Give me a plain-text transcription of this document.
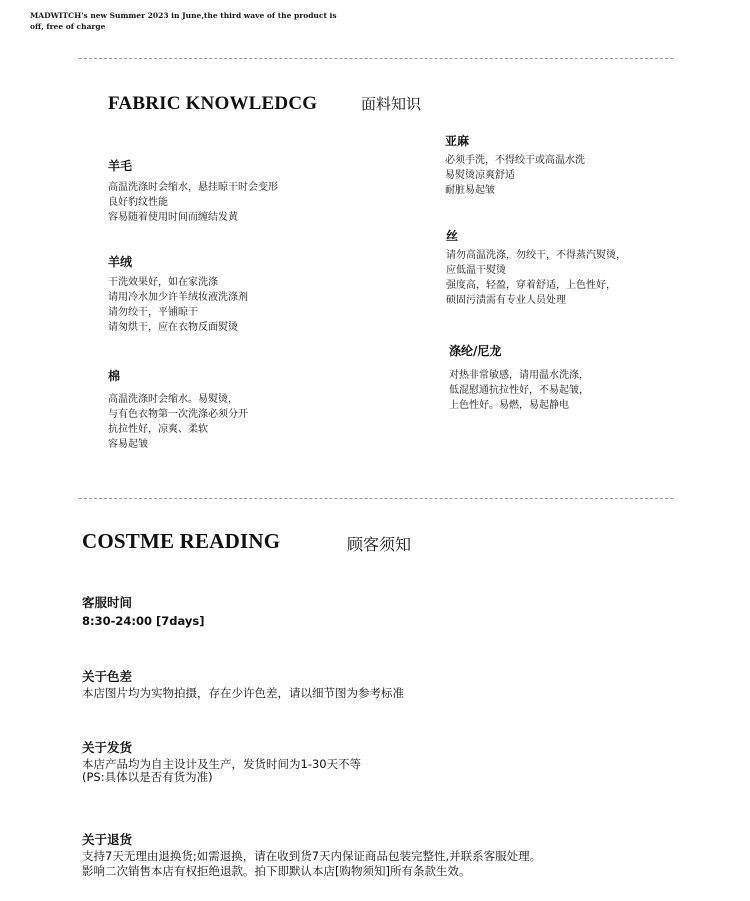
MADWITCH's new Summer 2023 in June,the third wave of the product is off, free of charge
FABRIC KNOWLEDCG	面料知识
羊毛
高温洗涤时会缩水，悬挂晾干时会变形
良好豹纹性能
容易随着使用时间而缠结发黄
羊绒
干洗效果好，如在家洗涤
请用冷水加少许羊绒妆液洗涤剂
请勿绞干，平铺晾干
请匆烘干，应在衣物反面熨烫
棉
高温洗涤时会缩水。易熨烫，
与有色衣物第一次洗涤必须分开
抗拉性好，凉爽、柔软
容易起皱
亚麻
必须手洗，不得绞干或高温水洗
易熨烫凉爽舒适
耐脏易起皱
丝
请勿高温洗涤，勿绞干，不得蒸汽熨烫，
应低温干熨烫
强度高，轻盈，穿着舒适，上色性好，
硕固污渍需有专业人员处理
涤纶/尼龙
对热非常敏感，请用温水洗涤，
低混慰通抗拉性好，不易起皱，
上色性好。易燃，易起静电
COSTME READING	顾客须知
客服时间
8:30-24:00 [7days]
关于色差
本店图片均为实物拍摄，存在少许色差，请以细节图为参考标准
关于发货
本店产品均为自主设计及生产，发货时间为1-30天不等
(PS:具体以是否有货为准)
关于退货
支持7天无理由退换货;如需退换，请在收到货7天内保证商品包装完整性,并联系客服处理。
影响二次销售本店有权拒绝退款。拍下即默认本店[购物须知]所有条款生效。
